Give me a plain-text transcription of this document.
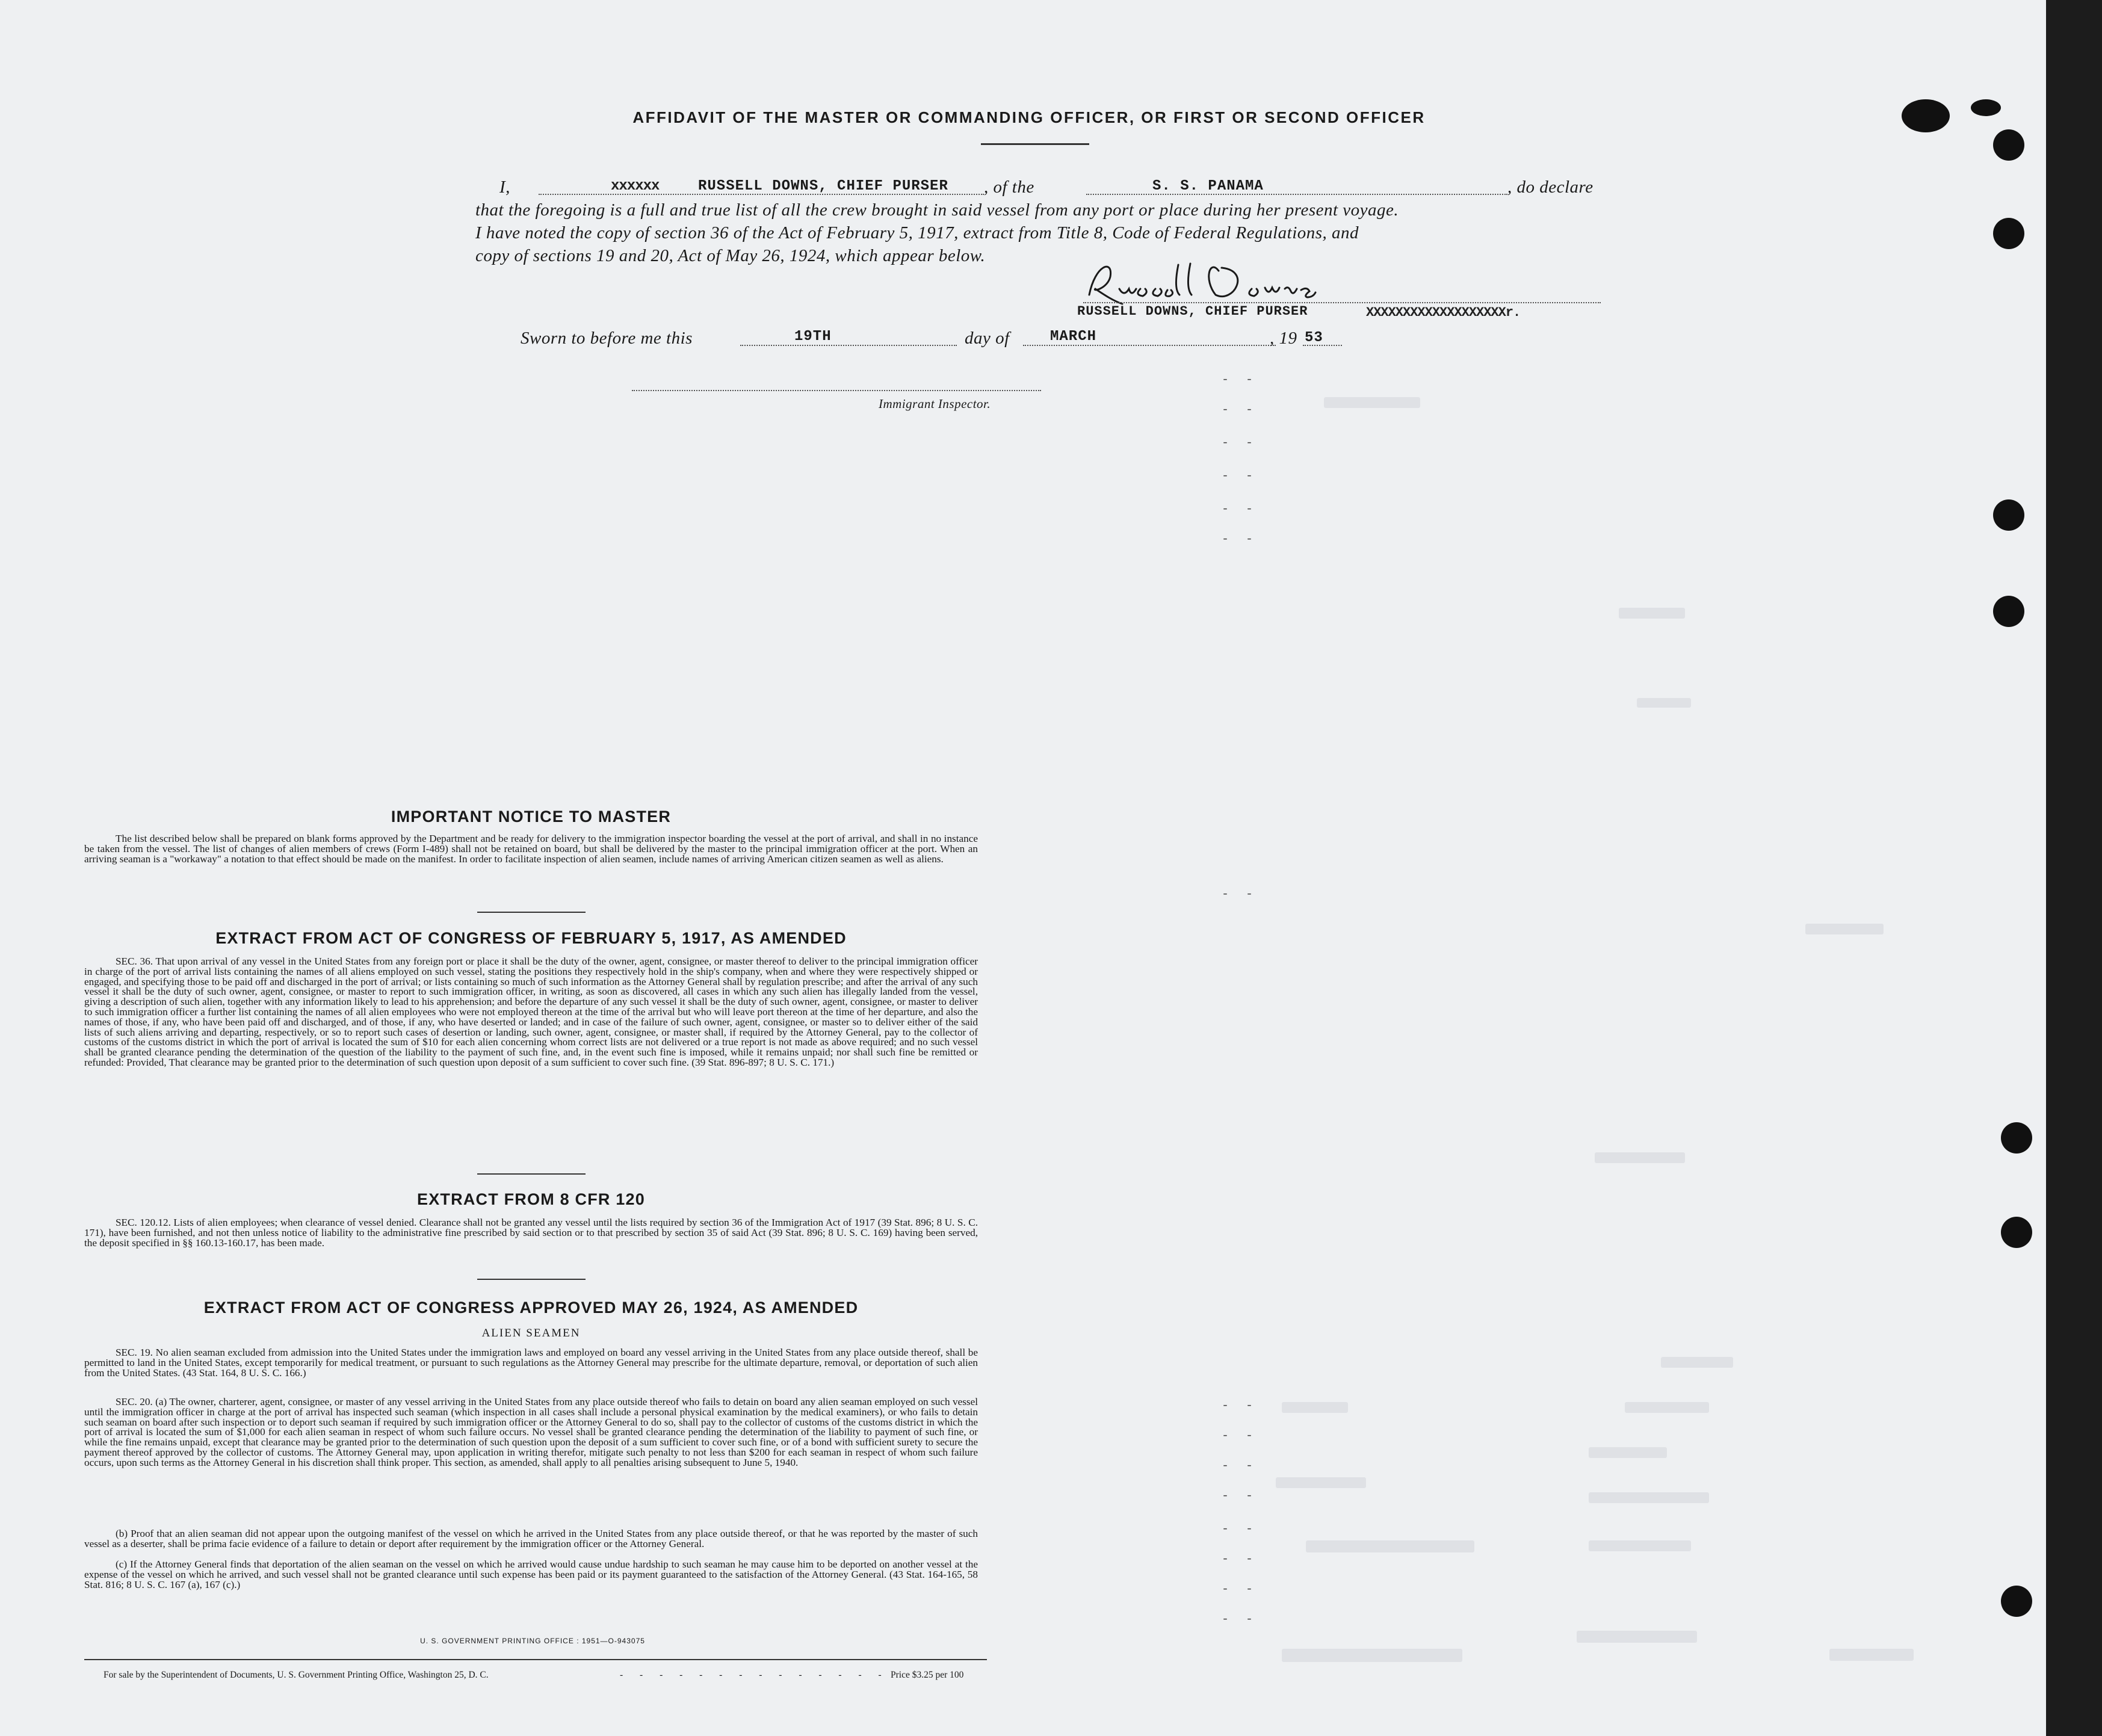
- -
- -
- -
- -
- -
- -
- -
- -
- -
- -
- -
- -
- -
- -
- -
AFFIDAVIT OF THE MASTER OR COMMANDING OFFICER, OR FIRST OR SECOND OFFICER
I,	xxxxxx	RUSSELL DOWNS, CHIEF PURSER , of the	S. S. PANAMA	, do declare
that the foregoing is a full and true list of all the crew brought in said vessel from any port or place during her present voyage.
I have noted the copy of section 36 of the Act of February 5, 1917, extract from Title 8, Code of Federal Regulations, and
copy of sections 19 and 20, Act of May 26, 1924, which appear below.
RUSSELL DOWNS, CHIEF PURSER	XXXXXXXXXXXXXXXXXXXr.
Sworn to before me this	19TH	day of	MARCH	, 19 53
Immigrant Inspector.
IMPORTANT NOTICE TO MASTER
The list described below shall be prepared on blank forms approved by the Department and be ready for delivery to the immigration inspector boarding the vessel at the port of arrival, and shall in no instance be taken from the vessel. The list of changes of alien members of crews (Form I-489) shall not be retained on board, but shall be delivered by the master to the principal immigration officer at the port. When an arriving seaman is a "workaway" a notation to that effect should be made on the manifest. In order to facilitate inspection of alien seamen, include names of arriving American citizen seamen as well as aliens.
EXTRACT FROM ACT OF CONGRESS OF FEBRUARY 5, 1917, AS AMENDED
SEC. 36. That upon arrival of any vessel in the United States from any foreign port or place it shall be the duty of the owner, agent, consignee, or master thereof to deliver to the principal immigration officer in charge of the port of arrival lists containing the names of all aliens employed on such vessel, stating the positions they respectively hold in the ship's company, when and where they were respectively shipped or engaged, and specifying those to be paid off and discharged in the port of arrival; or lists containing so much of such information as the Attorney General shall by regulation prescribe; and after the arrival of any such vessel it shall be the duty of such owner, agent, consignee, or master to report to such immigration officer, in writing, as soon as discovered, all cases in which any such alien has illegally landed from the vessel, giving a description of such alien, together with any information likely to lead to his apprehension; and before the departure of any such vessel it shall be the duty of such owner, agent, consignee, or master to deliver to such immigration officer a further list containing the names of all alien employees who were not employed thereon at the time of the arrival but who will leave port thereon at the time of her departure, and also the names of those, if any, who have been paid off and discharged, and of those, if any, who have deserted or landed; and in case of the failure of such owner, agent, consignee, or master so to deliver either of the said lists of such aliens arriving and departing, respectively, or so to report such cases of desertion or landing, such owner, agent, consignee, or master shall, if required by the Attorney General, pay to the collector of customs of the customs district in which the port of arrival is located the sum of $10 for each alien concerning whom correct lists are not delivered or a true report is not made as above required; and no such vessel shall be granted clearance pending the determination of the question of the liability to the payment of such fine, and, in the event such fine is imposed, while it remains unpaid; nor shall such fine be remitted or refunded: Provided, That clearance may be granted prior to the determination of such question upon deposit of a sum sufficient to cover such fine. (39 Stat. 896-897; 8 U. S. C. 171.)
EXTRACT FROM 8 CFR 120
SEC. 120.12. Lists of alien employees; when clearance of vessel denied. Clearance shall not be granted any vessel until the lists required by section 36 of the Immigration Act of 1917 (39 Stat. 896; 8 U. S. C. 171), have been furnished, and not then unless notice of liability to the administrative fine prescribed by said section or to that prescribed by section 35 of said Act (39 Stat. 896; 8 U. S. C. 169) having been served, the deposit specified in §§ 160.13-160.17, has been made.
EXTRACT FROM ACT OF CONGRESS APPROVED MAY 26, 1924, AS AMENDED
ALIEN SEAMEN
SEC. 19. No alien seaman excluded from admission into the United States under the immigration laws and employed on board any vessel arriving in the United States from any place outside thereof, shall be permitted to land in the United States, except temporarily for medical treatment, or pursuant to such regulations as the Attorney General may prescribe for the ultimate departure, removal, or deportation of such alien from the United States. (43 Stat. 164, 8 U. S. C. 166.)
SEC. 20. (a) The owner, charterer, agent, consignee, or master of any vessel arriving in the United States from any place outside thereof who fails to detain on board any alien seaman employed on such vessel until the immigration officer in charge at the port of arrival has inspected such seaman (which inspection in all cases shall include a personal physical examination by the medical examiners), or who fails to detain such seaman on board after such inspection or to deport such seaman if required by such immigration officer or the Attorney General to do so, shall pay to the collector of customs of the customs district in which the port of arrival is located the sum of $1,000 for each alien seaman in respect of whom such failure occurs. No vessel shall be granted clearance pending the determination of the liability to payment of such fine, or while the fine remains unpaid, except that clearance may be granted prior to the determination of such question upon the deposit of a sum sufficient to cover such fine, or of a bond with sufficient surety to secure the payment thereof approved by the collector of customs. The Attorney General may, upon application in writing therefor, mitigate such penalty to not less than $200 for each seaman in respect of whom such failure occurs, upon such terms as the Attorney General in his discretion shall think proper. This section, as amended, shall apply to all penalties arising subsequent to June 5, 1940.
(b) Proof that an alien seaman did not appear upon the outgoing manifest of the vessel on which he arrived in the United States from any place outside thereof, or that he was reported by the master of such vessel as a deserter, shall be prima facie evidence of a failure to detain or deport after requirement by the immigration officer or the Attorney General.
(c) If the Attorney General finds that deportation of the alien seaman on the vessel on which he arrived would cause undue hardship to such seaman he may cause him to be deported on another vessel at the expense of the vessel on which he arrived, and such vessel shall not be granted clearance until such expense has been paid or its payment guaranteed to the satisfaction of the Attorney General. (43 Stat. 164-165, 58 Stat. 816; 8 U. S. C. 167 (a), 167 (c).)
U. S. GOVERNMENT PRINTING OFFICE : 1951—O-943075
For sale by the Superintendent of Documents, U. S. Government Printing Office, Washington 25, D. C.	- - - - - - - - - - - - - - Price $3.25 per 100
